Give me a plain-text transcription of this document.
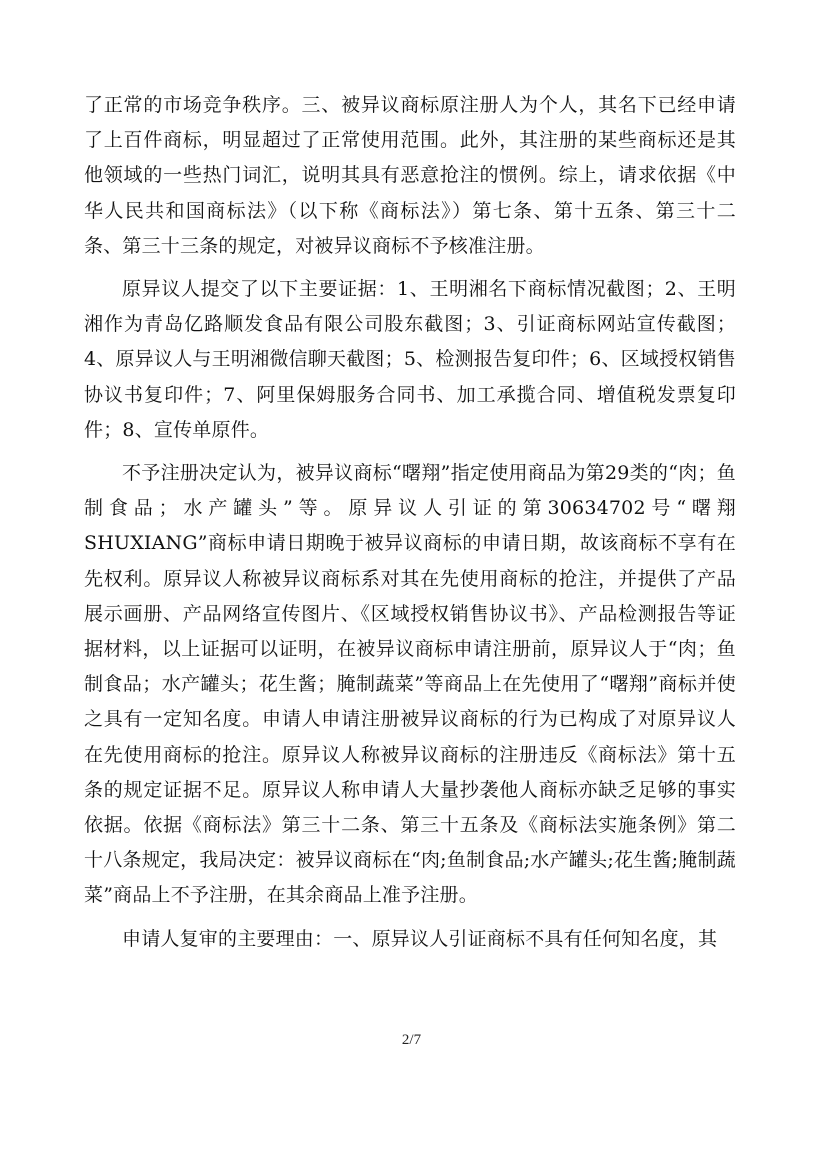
了正常的市场竞争秩序。三、被异议商标原注册人为个人，其名下已经申请了上百件商标，明显超过了正常使用范围。此外，其注册的某些商标还是其他领域的一些热门词汇，说明其具有恶意抢注的惯例。综上，请求依据《中华人民共和国商标法》（以下称《商标法》）第七条、第十五条、第三十二条、第三十三条的规定，对被异议商标不予核准注册。

原异议人提交了以下主要证据：1、王明湘名下商标情况截图；2、王明湘作为青岛亿路顺发食品有限公司股东截图；3、引证商标网站宣传截图；4、原异议人与王明湘微信聊天截图；5、检测报告复印件；6、区域授权销售协议书复印件；7、阿里保姆服务合同书、加工承揽合同、增值税发票复印件；8、宣传单原件。

不予注册决定认为，被异议商标“曙翔”指定使用商品为第29类的“肉；鱼制食品；水产罐头”等。原异议人引证的第30634702号“曙翔SHUXIANG”商标申请日期晚于被异议商标的申请日期，故该商标不享有在先权利。原异议人称被异议商标系对其在先使用商标的抢注，并提供了产品展示画册、产品网络宣传图片、《区域授权销售协议书》、产品检测报告等证据材料，以上证据可以证明，在被异议商标申请注册前，原异议人于“肉；鱼制食品；水产罐头；花生酱；腌制蔬菜”等商品上在先使用了“曙翔”商标并使之具有一定知名度。申请人申请注册被异议商标的行为已构成了对原异议人在先使用商标的抢注。原异议人称被异议商标的注册违反《商标法》第十五条的规定证据不足。原异议人称申请人大量抄袭他人商标亦缺乏足够的事实依据。依据《商标法》第三十二条、第三十五条及《商标法实施条例》第二十八条规定，我局决定：被异议商标在“肉;鱼制食品;水产罐头;花生酱;腌制蔬菜”商品上不予注册，在其余商品上准予注册。

申请人复审的主要理由：一、原异议人引证商标不具有任何知名度，其

2/7
